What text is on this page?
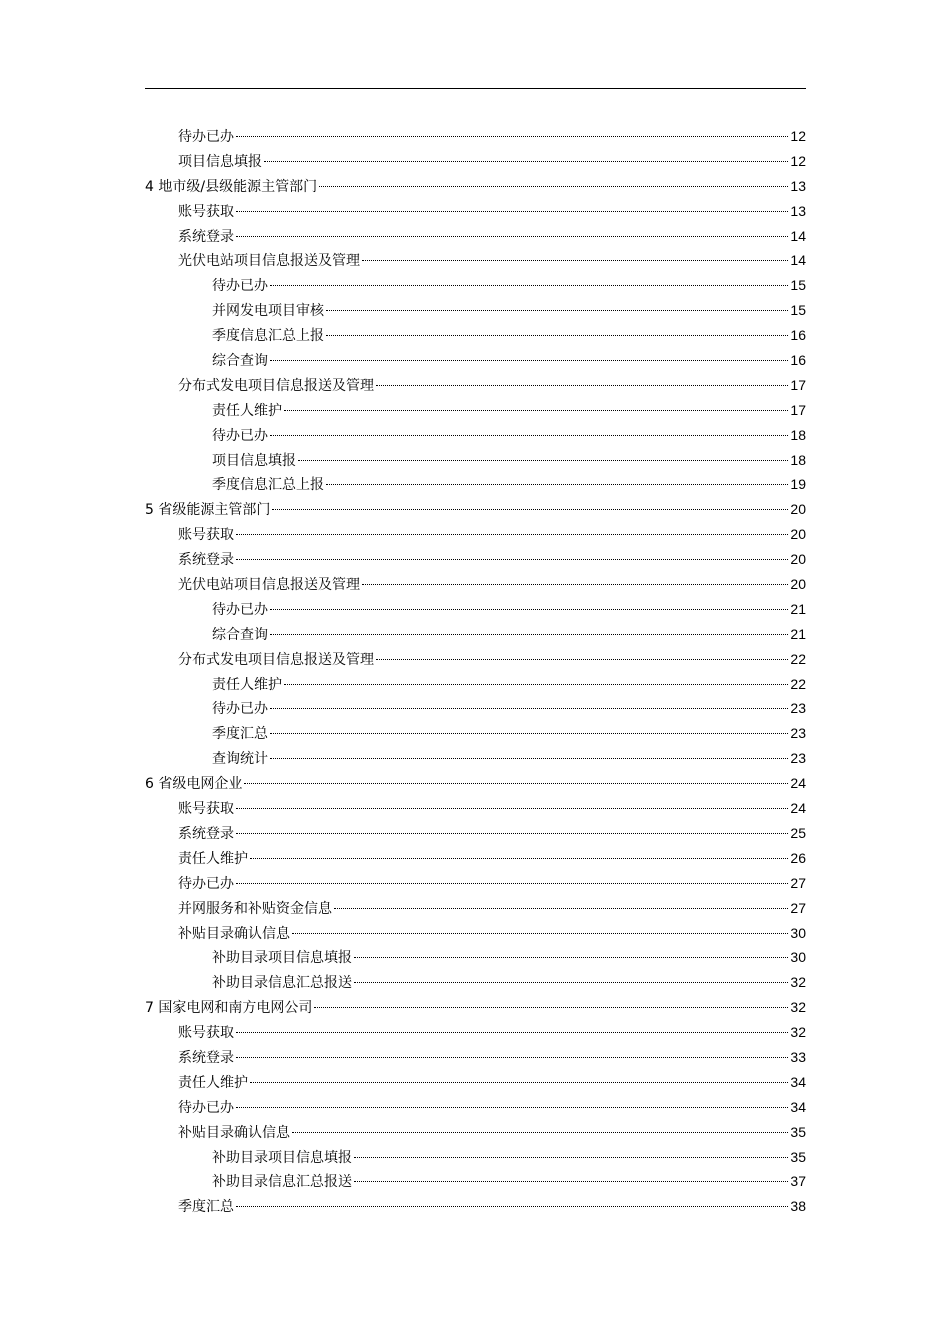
待办已办	12
项目信息填报	12
4 地市级/县级能源主管部门	13
账号获取	13
系统登录	14
光伏电站项目信息报送及管理	14
待办已办	15
并网发电项目审核	15
季度信息汇总上报	16
综合查询	16
分布式发电项目信息报送及管理	17
责任人维护	17
待办已办	18
项目信息填报	18
季度信息汇总上报	19
5 省级能源主管部门	20
账号获取	20
系统登录	20
光伏电站项目信息报送及管理	20
待办已办	21
综合查询	21
分布式发电项目信息报送及管理	22
责任人维护	22
待办已办	23
季度汇总	23
查询统计	23
6 省级电网企业	24
账号获取	24
系统登录	25
责任人维护	26
待办已办	27
并网服务和补贴资金信息	27
补贴目录确认信息	30
补助目录项目信息填报	30
补助目录信息汇总报送	32
7 国家电网和南方电网公司	32
账号获取	32
系统登录	33
责任人维护	34
待办已办	34
补贴目录确认信息	35
补助目录项目信息填报	35
补助目录信息汇总报送	37
季度汇总	38
